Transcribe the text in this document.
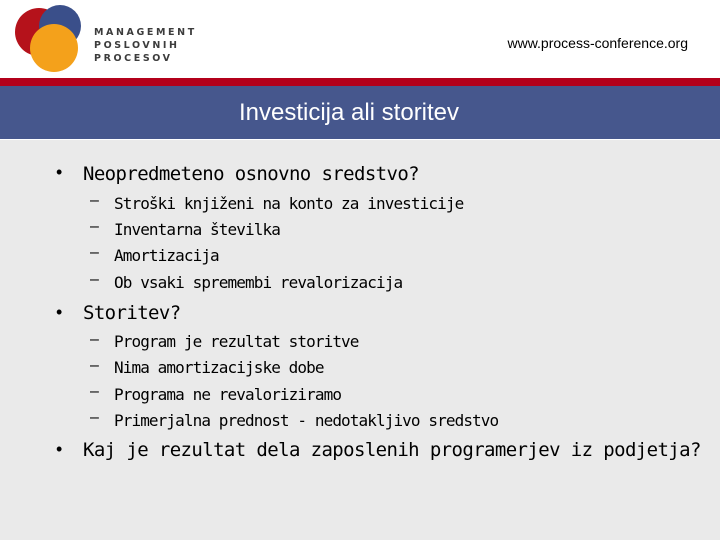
MANAGEMENT
POSLOVNIH
PROCESOV
www.process-conference.org
Investicija ali storitev
• Neopredmeteno osnovno sredstvo?
– Stroški knjiženi na konto za investicije
– Inventarna številka
– Amortizacija
– Ob vsaki spremembi revalorizacija
• Storitev?
– Program je rezultat storitve
– Nima amortizacijske dobe
– Programa ne revaloriziramo
– Primerjalna prednost - nedotakljivo sredstvo
• Kaj je rezultat dela zaposlenih programerjev iz podjetja?
